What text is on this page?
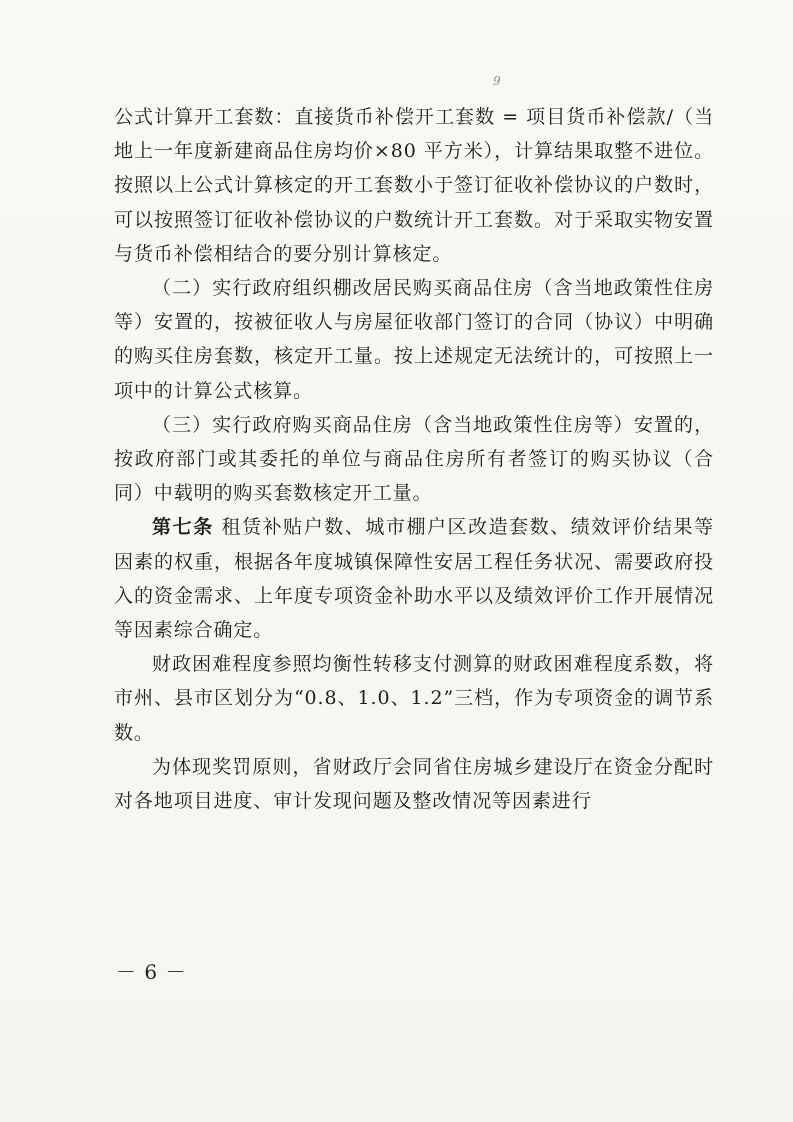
9

公式计算开工套数：直接货币补偿开工套数 = 项目货币补偿款/（当地上一年度新建商品住房均价×80 平方米），计算结果取整不进位。按照以上公式计算核定的开工套数小于签订征收补偿协议的户数时，可以按照签订征收补偿协议的户数统计开工套数。对于采取实物安置与货币补偿相结合的要分别计算核定。

（二）实行政府组织棚改居民购买商品住房（含当地政策性住房等）安置的，按被征收人与房屋征收部门签订的合同（协议）中明确的购买住房套数，核定开工量。按上述规定无法统计的，可按照上一项中的计算公式核算。

（三）实行政府购买商品住房（含当地政策性住房等）安置的，按政府部门或其委托的单位与商品住房所有者签订的购买协议（合同）中载明的购买套数核定开工量。

第七条 租赁补贴户数、城市棚户区改造套数、绩效评价结果等因素的权重，根据各年度城镇保障性安居工程任务状况、需要政府投入的资金需求、上年度专项资金补助水平以及绩效评价工作开展情况等因素综合确定。

财政困难程度参照均衡性转移支付测算的财政困难程度系数，将市州、县市区划分为“0.8、1.0、1.2”三档，作为专项资金的调节系数。

为体现奖罚原则，省财政厅会同省住房城乡建设厅在资金分配时对各地项目进度、审计发现问题及整改情况等因素进行

－ 6 －
